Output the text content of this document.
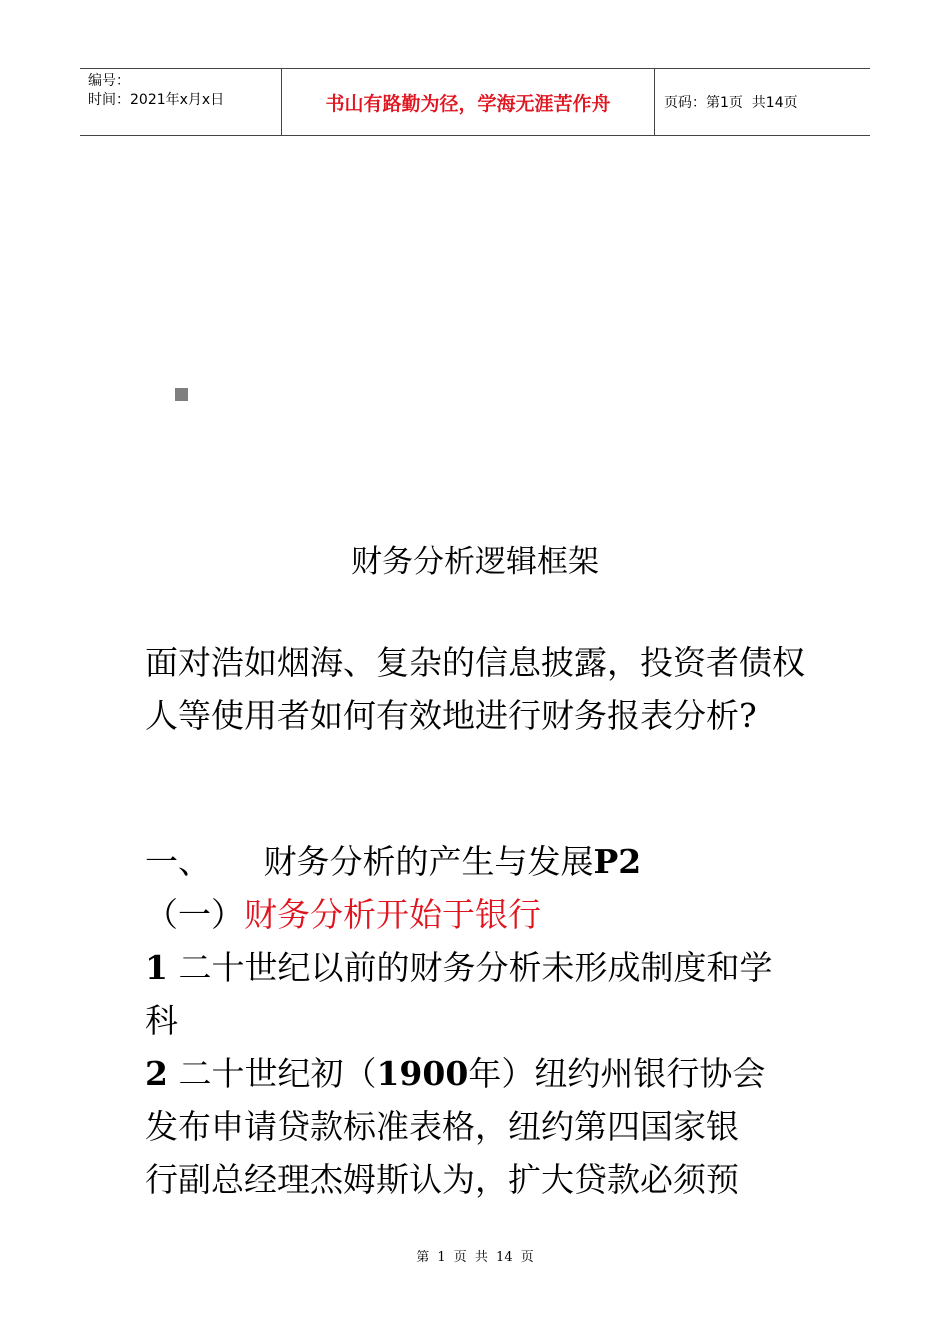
编号：
时间：2021年x月x日	书山有路勤为径，学海无涯苦作舟	页码：第1页  共14页
财务分析逻辑框架
面对浩如烟海、复杂的信息披露，投资者债权人等使用者如何有效地进行财务报表分析?
一、 财务分析的产生与发展P2
（一）财务分析开始于银行
1 二十世纪以前的财务分析未形成制度和学
科
2 二十世纪初（1900年）纽约州银行协会
发布申请贷款标准表格，纽约第四国家银
行副总经理杰姆斯认为，扩大贷款必须预
第 1 页 共 14 页
